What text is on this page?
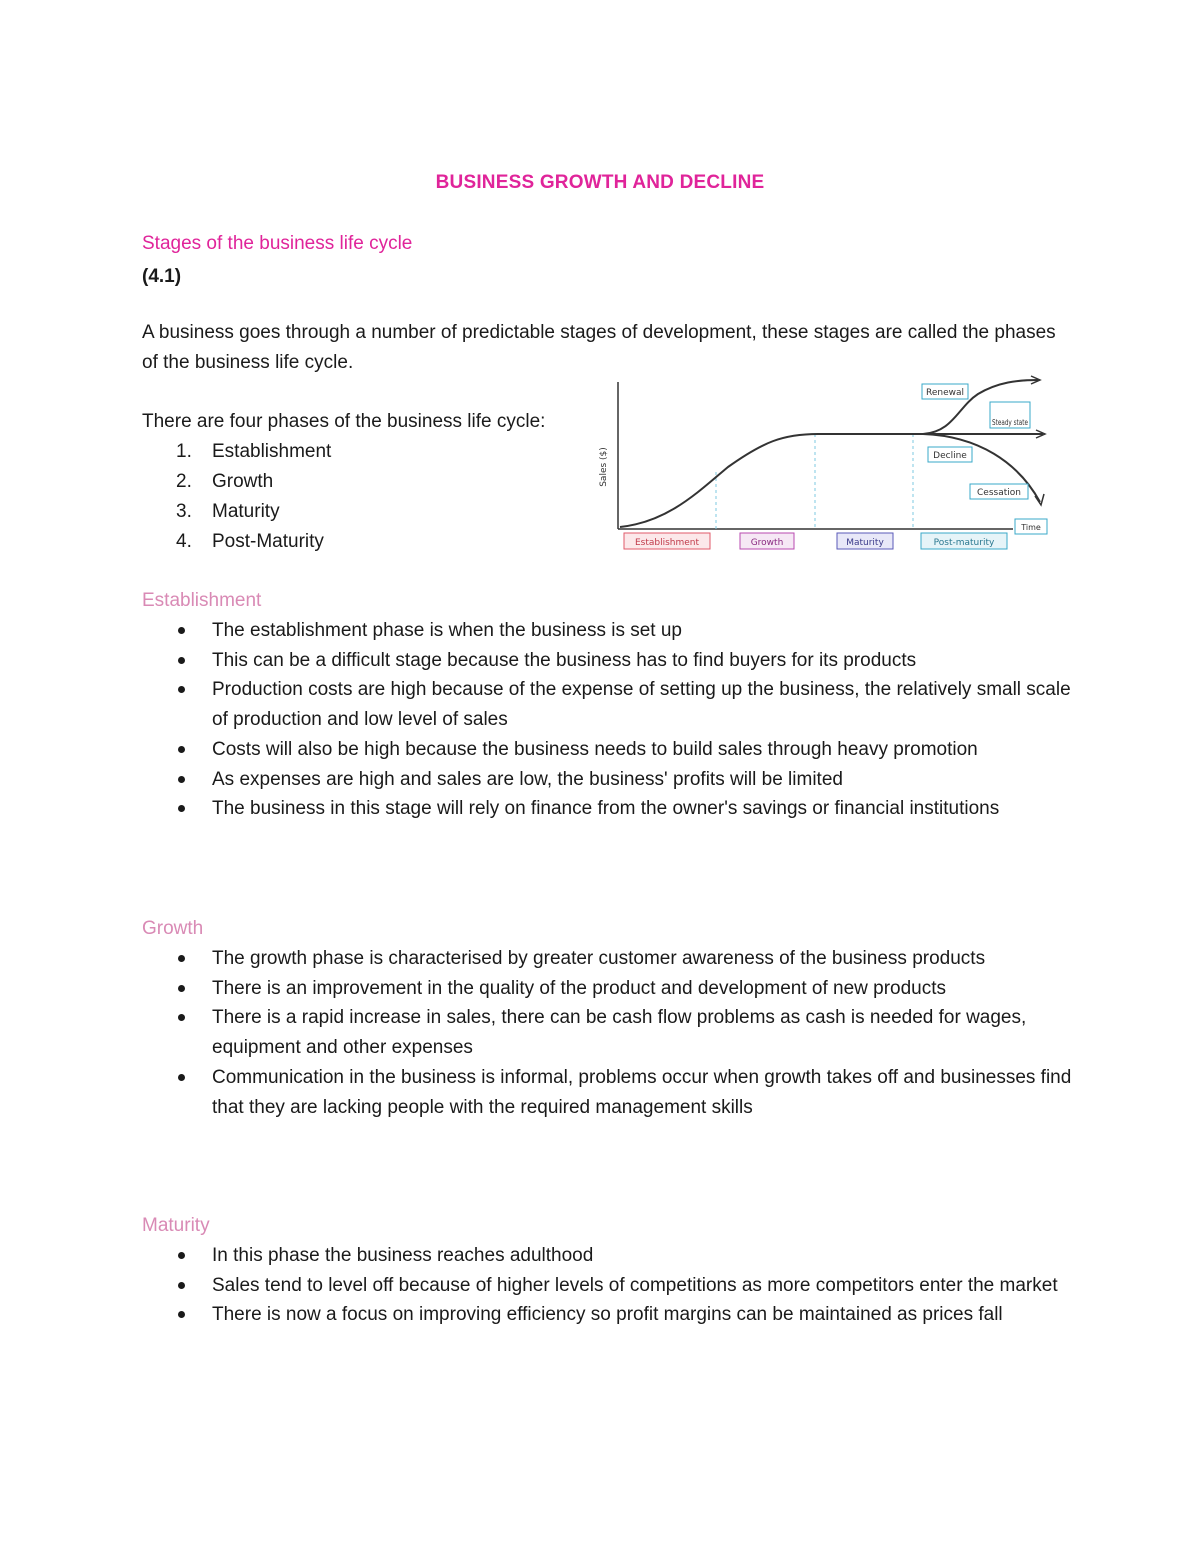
BUSINESS GROWTH AND DECLINE
Stages of the business life cycle
(4.1)
A business goes through a number of predictable stages of development, these stages are called the phases of the business life cycle.
There are four phases of the business life cycle:
1. Establishment
2. Growth
3. Maturity
4. Post-Maturity
Sales ($)
Renewal
Steady state
Decline
Cessation
Time
Establishment	Growth	Maturity	Post-maturity
Establishment
The establishment phase is when the business is set up
This can be a difficult stage because the business has to find buyers for its products
Production costs are high because of the expense of setting up the business, the relatively small scale of production and low level of sales
Costs will also be high because the business needs to build sales through heavy promotion
As expenses are high and sales are low, the business' profits will be limited
The business in this stage will rely on finance from the owner's savings or financial institutions
Growth
The growth phase is characterised by greater customer awareness of the business products
There is an improvement in the quality of the product and development of new products
There is a rapid increase in sales, there can be cash flow problems as cash is needed for wages, equipment and other expenses
Communication in the business is informal, problems occur when growth takes off and businesses find that they are lacking people with the required management skills
Maturity
In this phase the business reaches adulthood
Sales tend to level off because of higher levels of competitions as more competitors enter the market
There is now a focus on improving efficiency so profit margins can be maintained as prices fall
